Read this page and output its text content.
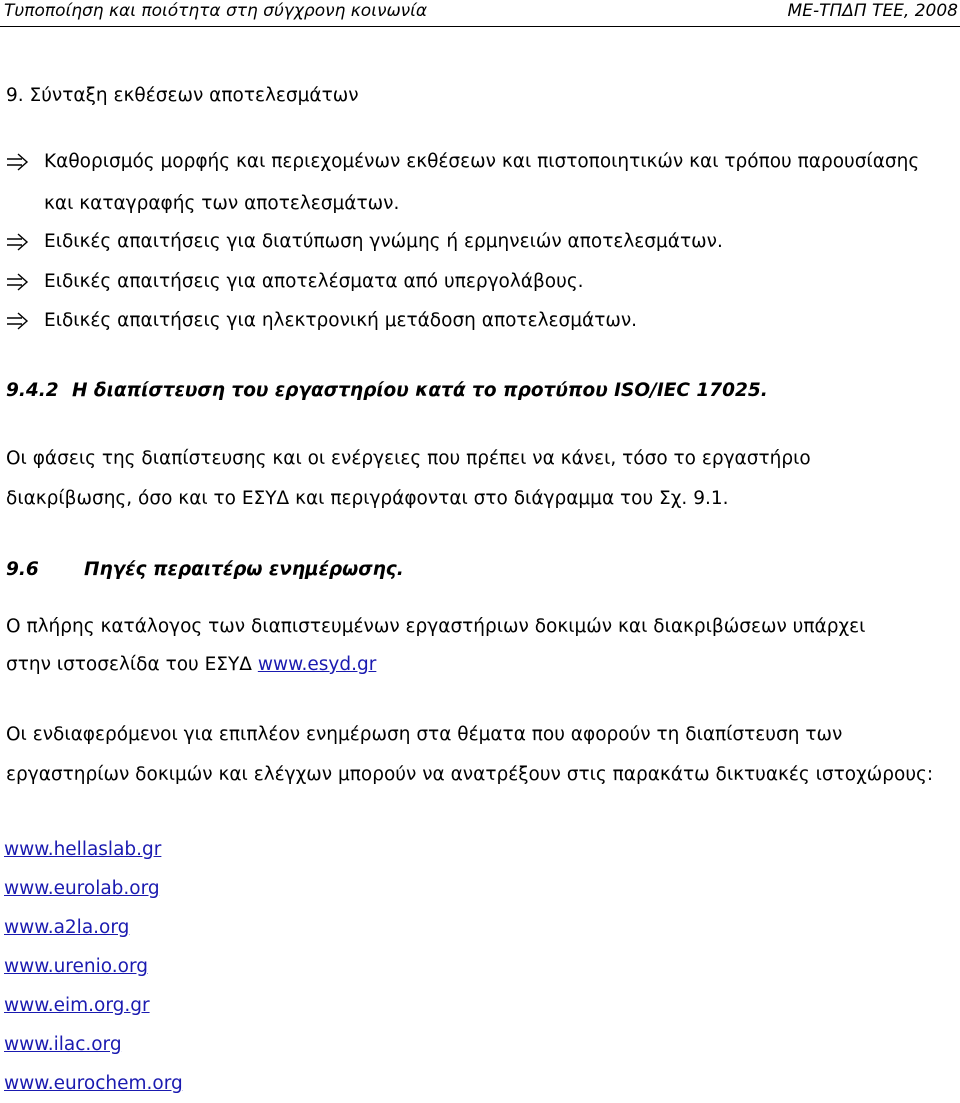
Τυποποίηση και ποιότητα στη σύγχρονη κοινωνία	ΜΕ-ΤΠΔΠ ΤΕΕ, 2008
9. Σύνταξη εκθέσεων αποτελεσμάτων
Καθορισμός μορφής και περιεχομένων εκθέσεων και πιστοποιητικών και τρόπου παρουσίασης
και καταγραφής των αποτελεσμάτων.
Ειδικές απαιτήσεις για διατύπωση γνώμης ή ερμηνειών αποτελεσμάτων.
Ειδικές απαιτήσεις για αποτελέσματα από υπεργολάβους.
Ειδικές απαιτήσεις για ηλεκτρονική μετάδοση αποτελεσμάτων.
9.4.2 Η διαπίστευση του εργαστηρίου κατά το προτύπου ISO/IEC 17025.
Οι φάσεις της διαπίστευσης και οι ενέργειες που πρέπει να κάνει, τόσο το εργαστήριο
διακρίβωσης, όσο και το ΕΣΥΔ και περιγράφονται στο διάγραμμα του Σχ. 9.1.
9.6 Πηγές περαιτέρω ενημέρωσης.
Ο πλήρης κατάλογος των διαπιστευμένων εργαστήριων δοκιμών και διακριβώσεων υπάρχει
στην ιστοσελίδα του ΕΣΥΔ www.esyd.gr
Οι ενδιαφερόμενοι για επιπλέον ενημέρωση στα θέματα που αφορούν τη διαπίστευση των
εργαστηρίων δοκιμών και ελέγχων μπορούν να ανατρέξουν στις παρακάτω δικτυακές ιστοχώρους:
www.hellaslab.gr
www.eurolab.org
www.a2la.org
www.urenio.org
www.eim.org.gr
www.ilac.org
www.eurochem.org
